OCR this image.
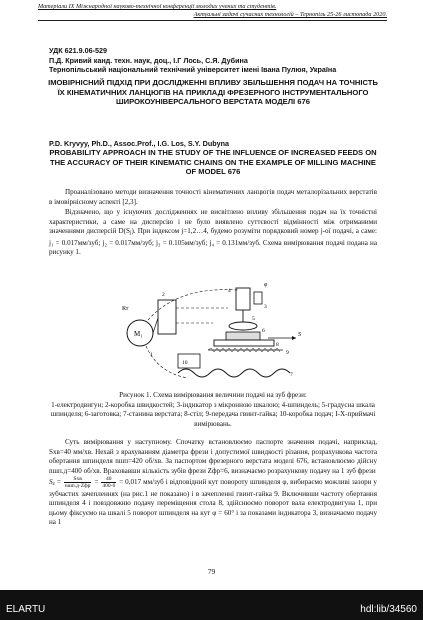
Матеріали IX Міжнародної науково-технічної конференції молодих учених та студентів.
Актуальні задачі сучасних технологій – Тернопіль 25-26 листопада 2020.
УДК 621.9.06-529
П.Д. Кривий канд. техн. наук, доц., І.Г Лось, С.Я. Дубина
Тернопільський національний технічний університет імені Івана Пулюя, Україна
ІМОВІРНІСНИЙ ПІДХІД ПРИ ДОСЛІДЖЕННІ ВПЛИВУ ЗБІЛЬШЕННЯ ПОДАЧ НА ТОЧНІСТЬ ЇХ КІНЕМАТИЧНИХ ЛАНЦЮГІВ НА ПРИКЛАДІ ФРЕЗЕРНОГО ІНСТРУМЕНТАЛЬНОГО ШИРОКОУНІВЕРСАЛЬНОГО ВЕРСТАТА МОДЕЛІ 676
P.D. Kryvyy, Ph.D., Assoc.Prof., I.G. Los, S.Y. Dubyna
PROBABILITY APPROACH IN THE STUDY OF THE INFLUENCE OF INCREASED FEEDS ON THE ACCURACY OF THEIR KINEMATIC CHAINS ON THE EXAMPLE OF MILLING MACHINE OF MODEL 676

Проаналізовано методи визначення точності кінематичних ланцюгів подач металорізальних верстатів в імовірнісному аспекті [2,3].

Відзначено, що у існуючих дослідженнях не висвітлено впливу збільшення подач на їх точністні характеристики, а саме на дисперсію і не було виявлено суттєвості відмінності між отриманими значеннями дисперсій D(Sj). При індексом j=1,2…4, будемо розуміти порядковий номер j-ої подачі, а саме: j₁ = 0.017мм/зуб; j₂ = 0.017мм/зуб; j₃ = 0.105мм/зуб; j₄ = 0.131мм/зуб. Схема вимірювання подачі подана на рисунку 1.

M₁
Кт
S
φ
1
2
3
4
5
6
7
8
9
10
Рисунок 1. Схема вимірювання величини подачі на зуб фрези:
1-електродвигун; 2-коробка швидкостей; 3-індикатор з мікронною шкалою; 4-шпиндель; 5-градусна шкала шпинделя; 6-заготовка; 7-станина верстата; 8-стіл; 9-передача гвинт-гайка; 10-коробка подач; I-X-приймачі вимірювань.

Суть вимірювання у наступному. Спочатку встановлюємо паспорте значення подачі, наприклад, Sхв=40 мм/хв. Нехай з врахуванням діаметра фрези і допустимої швидкості різання, розрахункова частота обертання шпинделя nшп=420 об/хв. За паспортом фрезерного верстата моделі 676, встановлюємо дійсну nшп.д=400 об/хв. Враховавши кількість зубів фрези Zфр=6, визначаємо розрахункову подачу на 1 зуб фрези

$Sz = \frac{\text{Sхв}}{\text{nшп.д·Zфр}} = \frac{40}{400\cdot 6} = 0,017$ мм/зуб і відповідний кут повороту шпинделя φ, вибираємо можливі зазори у зубчастих зачепленнях (на рис.1 не показано) і в зачепленні гвинт-гайка 9. Включивши частоту обертання шпинделя 4 і повздовжню подачу переміщення стола 8, здійснюємо поворот вала електродвигуна 1, при цьому фіксуємо на шкалі 5 поворот шпинделя на кут φ = 60° і за показами індикатора 3, визначаємо подачу на 1
79
ELARTU	hdl:lib/34560
